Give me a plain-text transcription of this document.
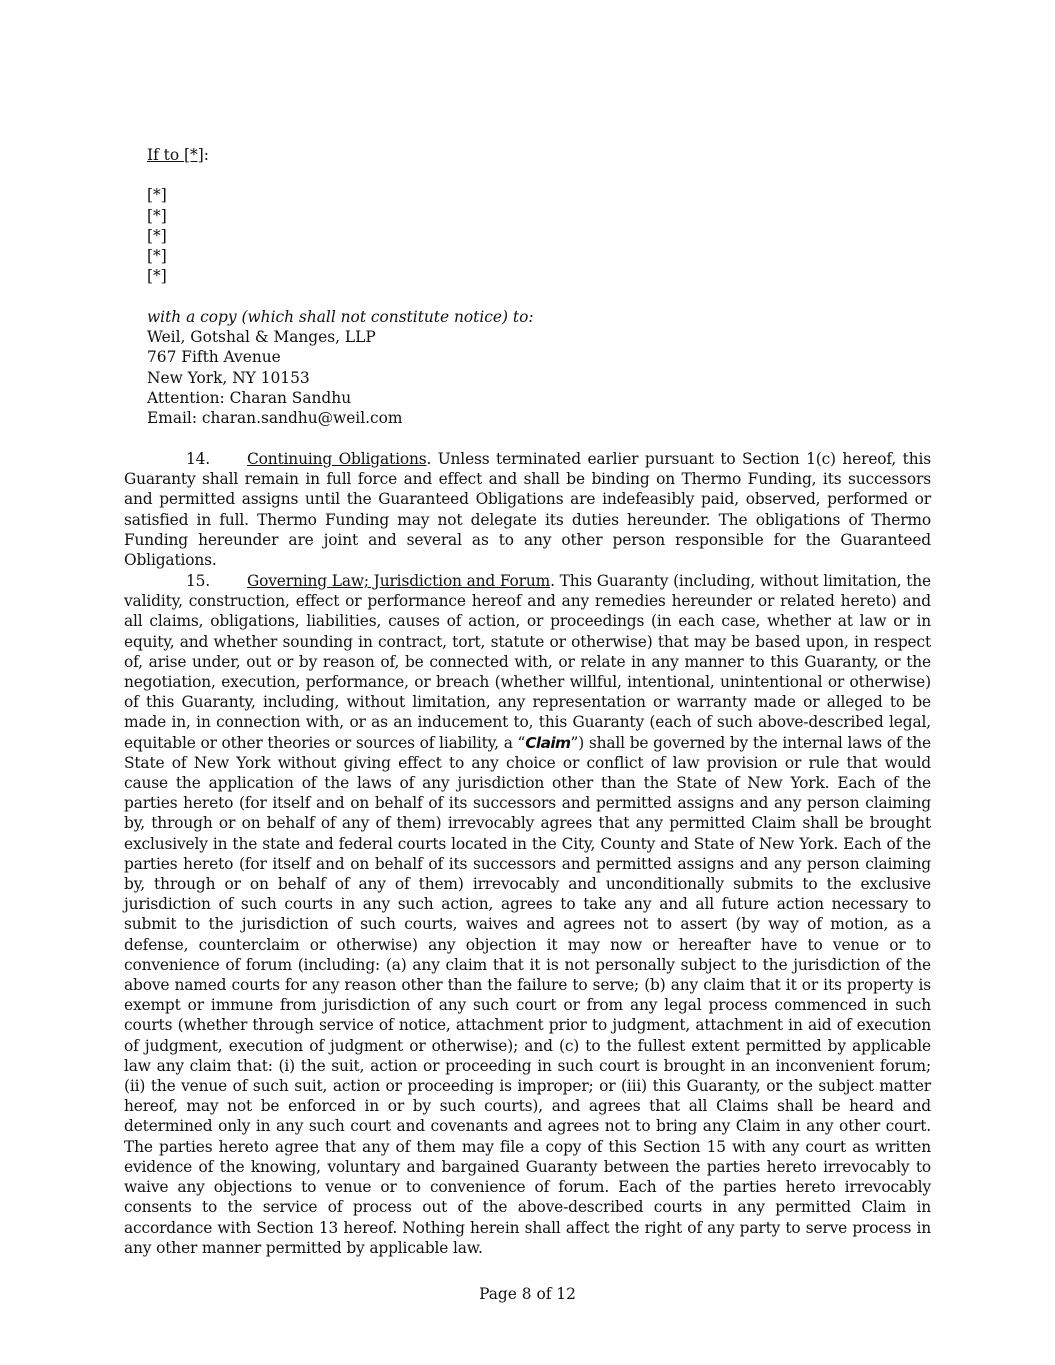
If to [*]:
[*]
[*]
[*]
[*]
[*]
with a copy (which shall not constitute notice) to:
Weil, Gotshal & Manges, LLP
767 Fifth Avenue
New York, NY 10153
Attention: Charan Sandhu
Email: charan.sandhu@weil.com
14. Continuing Obligations. Unless terminated earlier pursuant to Section 1(c) hereof, this Guaranty shall remain in full force and effect and shall be binding on Thermo Funding, its successors and permitted assigns until the Guaranteed Obligations are indefeasibly paid, observed, performed or satisfied in full. Thermo Funding may not delegate its duties hereunder. The obligations of Thermo Funding hereunder are joint and several as to any other person responsible for the Guaranteed Obligations.
15. Governing Law; Jurisdiction and Forum. This Guaranty (including, without limitation, the validity, construction, effect or performance hereof and any remedies hereunder or related hereto) and all claims, obligations, liabilities, causes of action, or proceedings (in each case, whether at law or in equity, and whether sounding in contract, tort, statute or otherwise) that may be based upon, in respect of, arise under, out or by reason of, be connected with, or relate in any manner to this Guaranty, or the negotiation, execution, performance, or breach (whether willful, intentional, unintentional or otherwise) of this Guaranty, including, without limitation, any representation or warranty made or alleged to be made in, in connection with, or as an inducement to, this Guaranty (each of such above-described legal, equitable or other theories or sources of liability, a “Claim”) shall be governed by the internal laws of the State of New York without giving effect to any choice or conflict of law provision or rule that would cause the application of the laws of any jurisdiction other than the State of New York. Each of the parties hereto (for itself and on behalf of its successors and permitted assigns and any person claiming by, through or on behalf of any of them) irrevocably agrees that any permitted Claim shall be brought exclusively in the state and federal courts located in the City, County and State of New York. Each of the parties hereto (for itself and on behalf of its successors and permitted assigns and any person claiming by, through or on behalf of any of them) irrevocably and unconditionally submits to the exclusive jurisdiction of such courts in any such action, agrees to take any and all future action necessary to submit to the jurisdiction of such courts, waives and agrees not to assert (by way of motion, as a defense, counterclaim or otherwise) any objection it may now or hereafter have to venue or to convenience of forum (including: (a) any claim that it is not personally subject to the jurisdiction of the above named courts for any reason other than the failure to serve; (b) any claim that it or its property is exempt or immune from jurisdiction of any such court or from any legal process commenced in such courts (whether through service of notice, attachment prior to judgment, attachment in aid of execution of judgment, execution of judgment or otherwise); and (c) to the fullest extent permitted by applicable law any claim that: (i) the suit, action or proceeding in such court is brought in an inconvenient forum; (ii) the venue of such suit, action or proceeding is improper; or (iii) this Guaranty, or the subject matter hereof, may not be enforced in or by such courts), and agrees that all Claims shall be heard and determined only in any such court and covenants and agrees not to bring any Claim in any other court. The parties hereto agree that any of them may file a copy of this Section 15 with any court as written evidence of the knowing, voluntary and bargained Guaranty between the parties hereto irrevocably to waive any objections to venue or to convenience of forum. Each of the parties hereto irrevocably consents to the service of process out of the above-described courts in any permitted Claim in accordance with Section 13 hereof. Nothing herein shall affect the right of any party to serve process in any other manner permitted by applicable law.
Page 8 of 12
